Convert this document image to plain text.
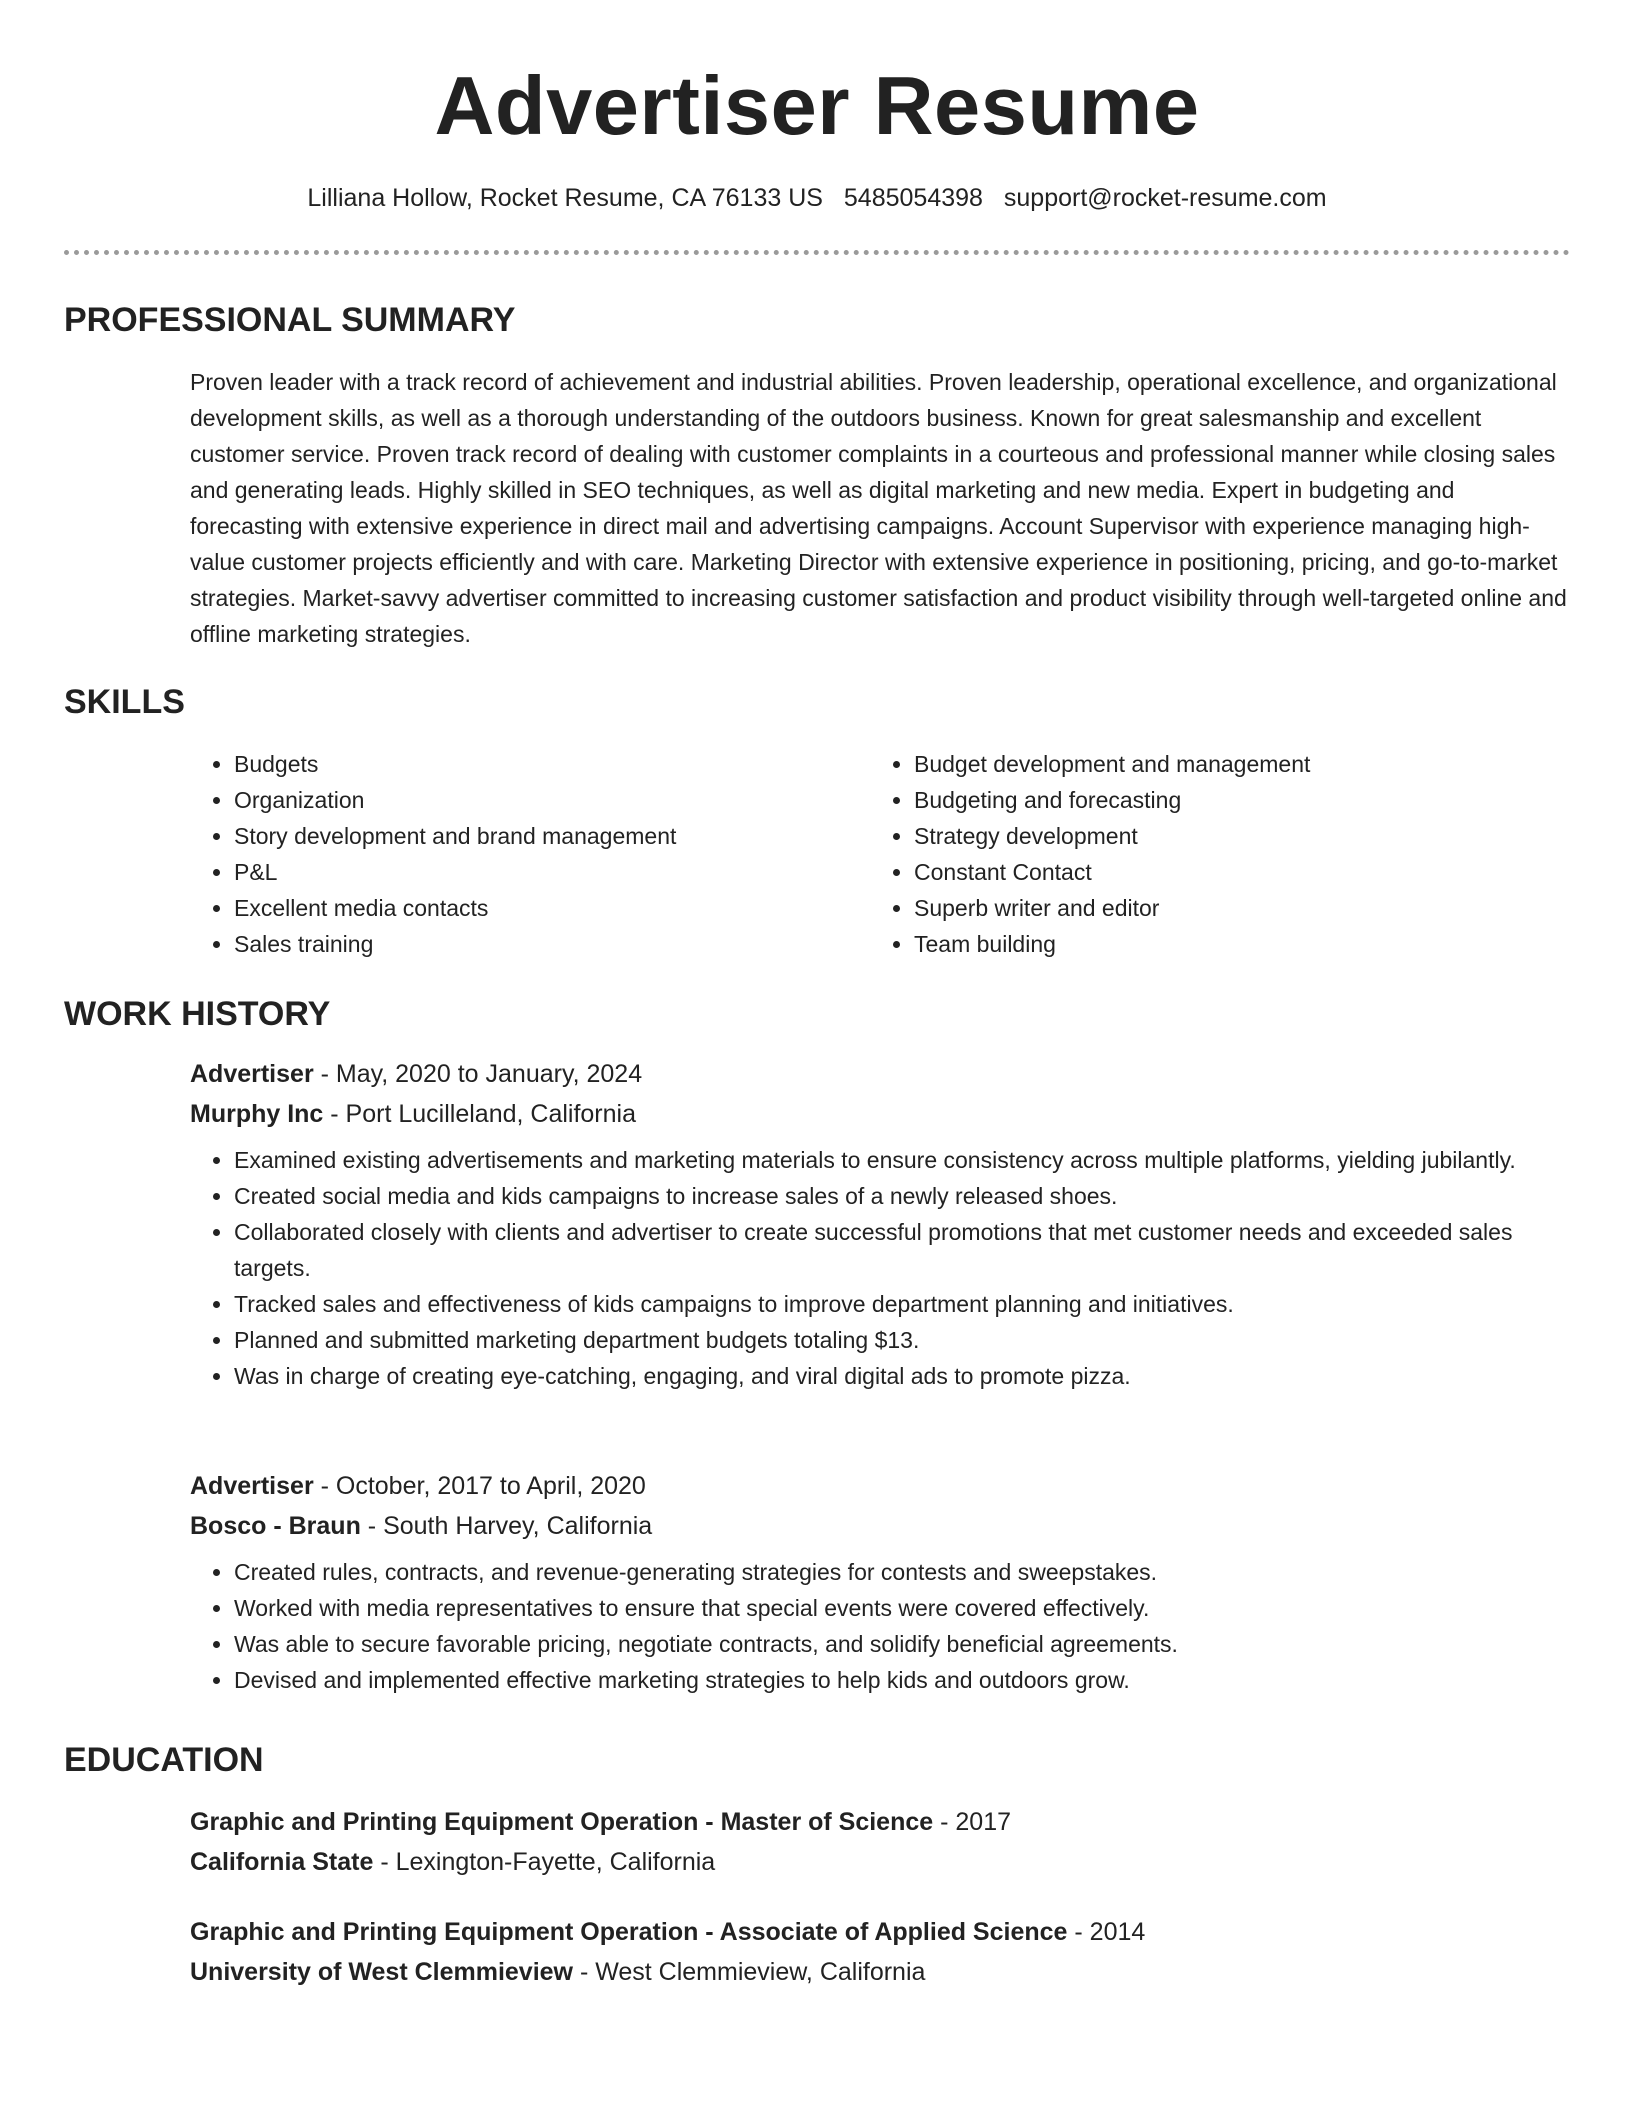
Advertiser Resume
Lilliana Hollow, Rocket Resume, CA 76133 US 5485054398 support@rocket-resume.com
PROFESSIONAL SUMMARY
Proven leader with a track record of achievement and industrial abilities. Proven leadership, operational excellence, and organizational development skills, as well as a thorough understanding of the outdoors business. Known for great salesmanship and excellent customer service. Proven track record of dealing with customer complaints in a courteous and professional manner while closing sales and generating leads. Highly skilled in SEO techniques, as well as digital marketing and new media. Expert in budgeting and forecasting with extensive experience in direct mail and advertising campaigns. Account Supervisor with experience managing high-value customer projects efficiently and with care. Marketing Director with extensive experience in positioning, pricing, and go-to-market strategies. Market-savvy advertiser committed to increasing customer satisfaction and product visibility through well-targeted online and offline marketing strategies.
SKILLS
• Budgets
• Organization
• Story development and brand management
• P&L
• Excellent media contacts
• Sales training
• Budget development and management
• Budgeting and forecasting
• Strategy development
• Constant Contact
• Superb writer and editor
• Team building
WORK HISTORY
Advertiser - May, 2020 to January, 2024
Murphy Inc - Port Lucilleland, California
• Examined existing advertisements and marketing materials to ensure consistency across multiple platforms, yielding jubilantly.
• Created social media and kids campaigns to increase sales of a newly released shoes.
• Collaborated closely with clients and advertiser to create successful promotions that met customer needs and exceeded sales targets.
• Tracked sales and effectiveness of kids campaigns to improve department planning and initiatives.
• Planned and submitted marketing department budgets totaling $13.
• Was in charge of creating eye-catching, engaging, and viral digital ads to promote pizza.
Advertiser - October, 2017 to April, 2020
Bosco - Braun - South Harvey, California
• Created rules, contracts, and revenue-generating strategies for contests and sweepstakes.
• Worked with media representatives to ensure that special events were covered effectively.
• Was able to secure favorable pricing, negotiate contracts, and solidify beneficial agreements.
• Devised and implemented effective marketing strategies to help kids and outdoors grow.
EDUCATION
Graphic and Printing Equipment Operation - Master of Science - 2017
California State - Lexington-Fayette, California
Graphic and Printing Equipment Operation - Associate of Applied Science - 2014
University of West Clemmieview - West Clemmieview, California
